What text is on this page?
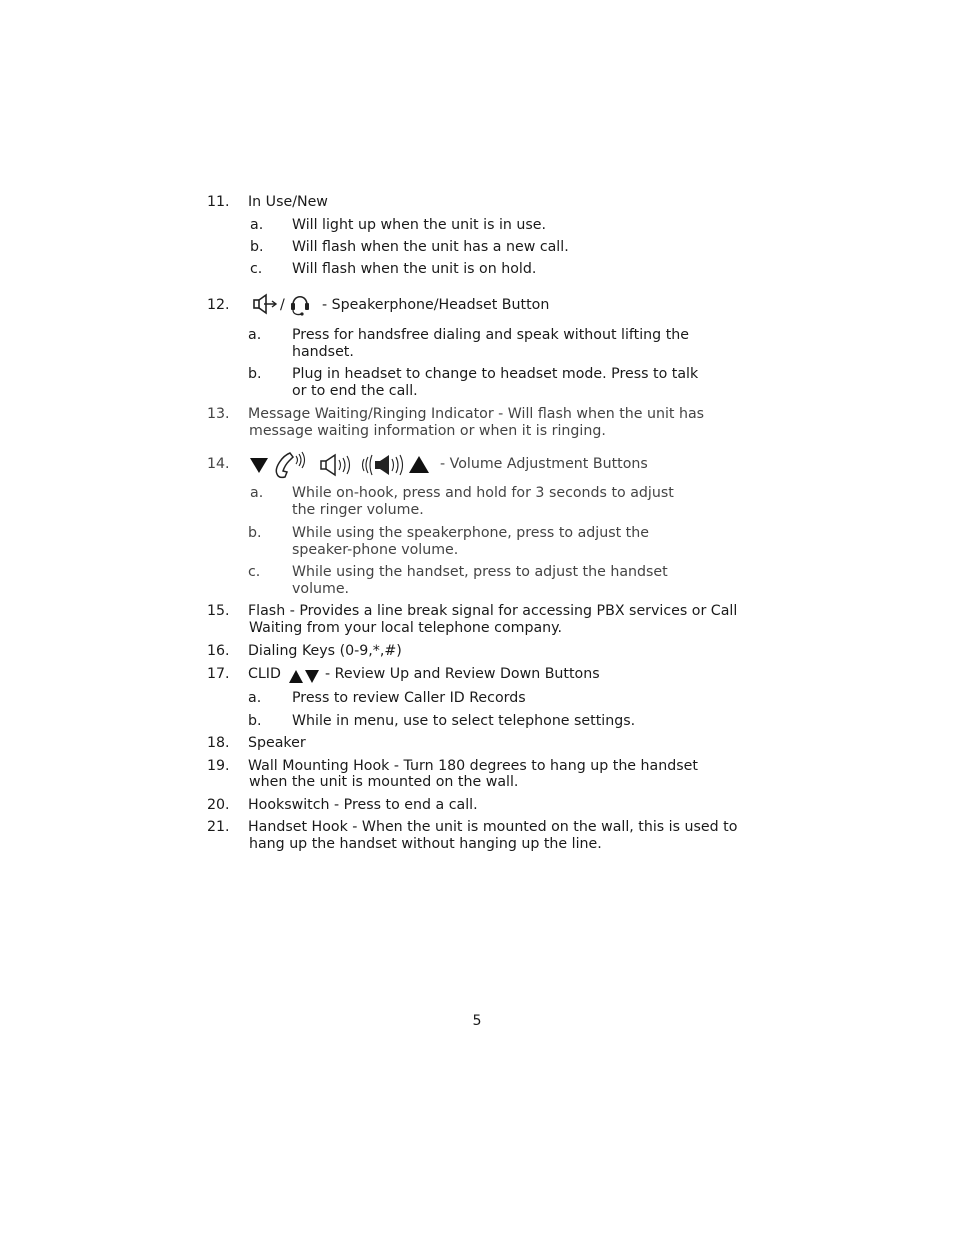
11. In Use/New
a. Will light up when the unit is in use.
b. Will flash when the unit has a new call.
c. Will flash when the unit is on hold.
12.	/	- Speakerphone/Headset Button
a. Press for handsfree dialing and speak without lifting the
handset.
b. Plug in headset to change to headset mode. Press to talk
or to end the call.
13. Message Waiting/Ringing Indicator - Will flash when the unit has
message waiting information or when it is ringing.
14.	- Volume Adjustment Buttons
a. While on-hook, press and hold for 3 seconds to adjust
the ringer volume.
b. While using the speakerphone, press to adjust the
speaker-phone volume.
c. While using the handset, press to adjust the handset
volume.
15. Flash - Provides a line break signal for accessing PBX services or Call
Waiting from your local telephone company.
16. Dialing Keys (0-9,*,#)
17. CLID	- Review Up and Review Down Buttons
a. Press to review Caller ID Records
b. While in menu, use to select telephone settings.
18. Speaker
19. Wall Mounting Hook - Turn 180 degrees to hang up the handset
when the unit is mounted on the wall.
20. Hookswitch - Press to end a call.
21. Handset Hook - When the unit is mounted on the wall, this is used to
hang up the handset without hanging up the line.
5
